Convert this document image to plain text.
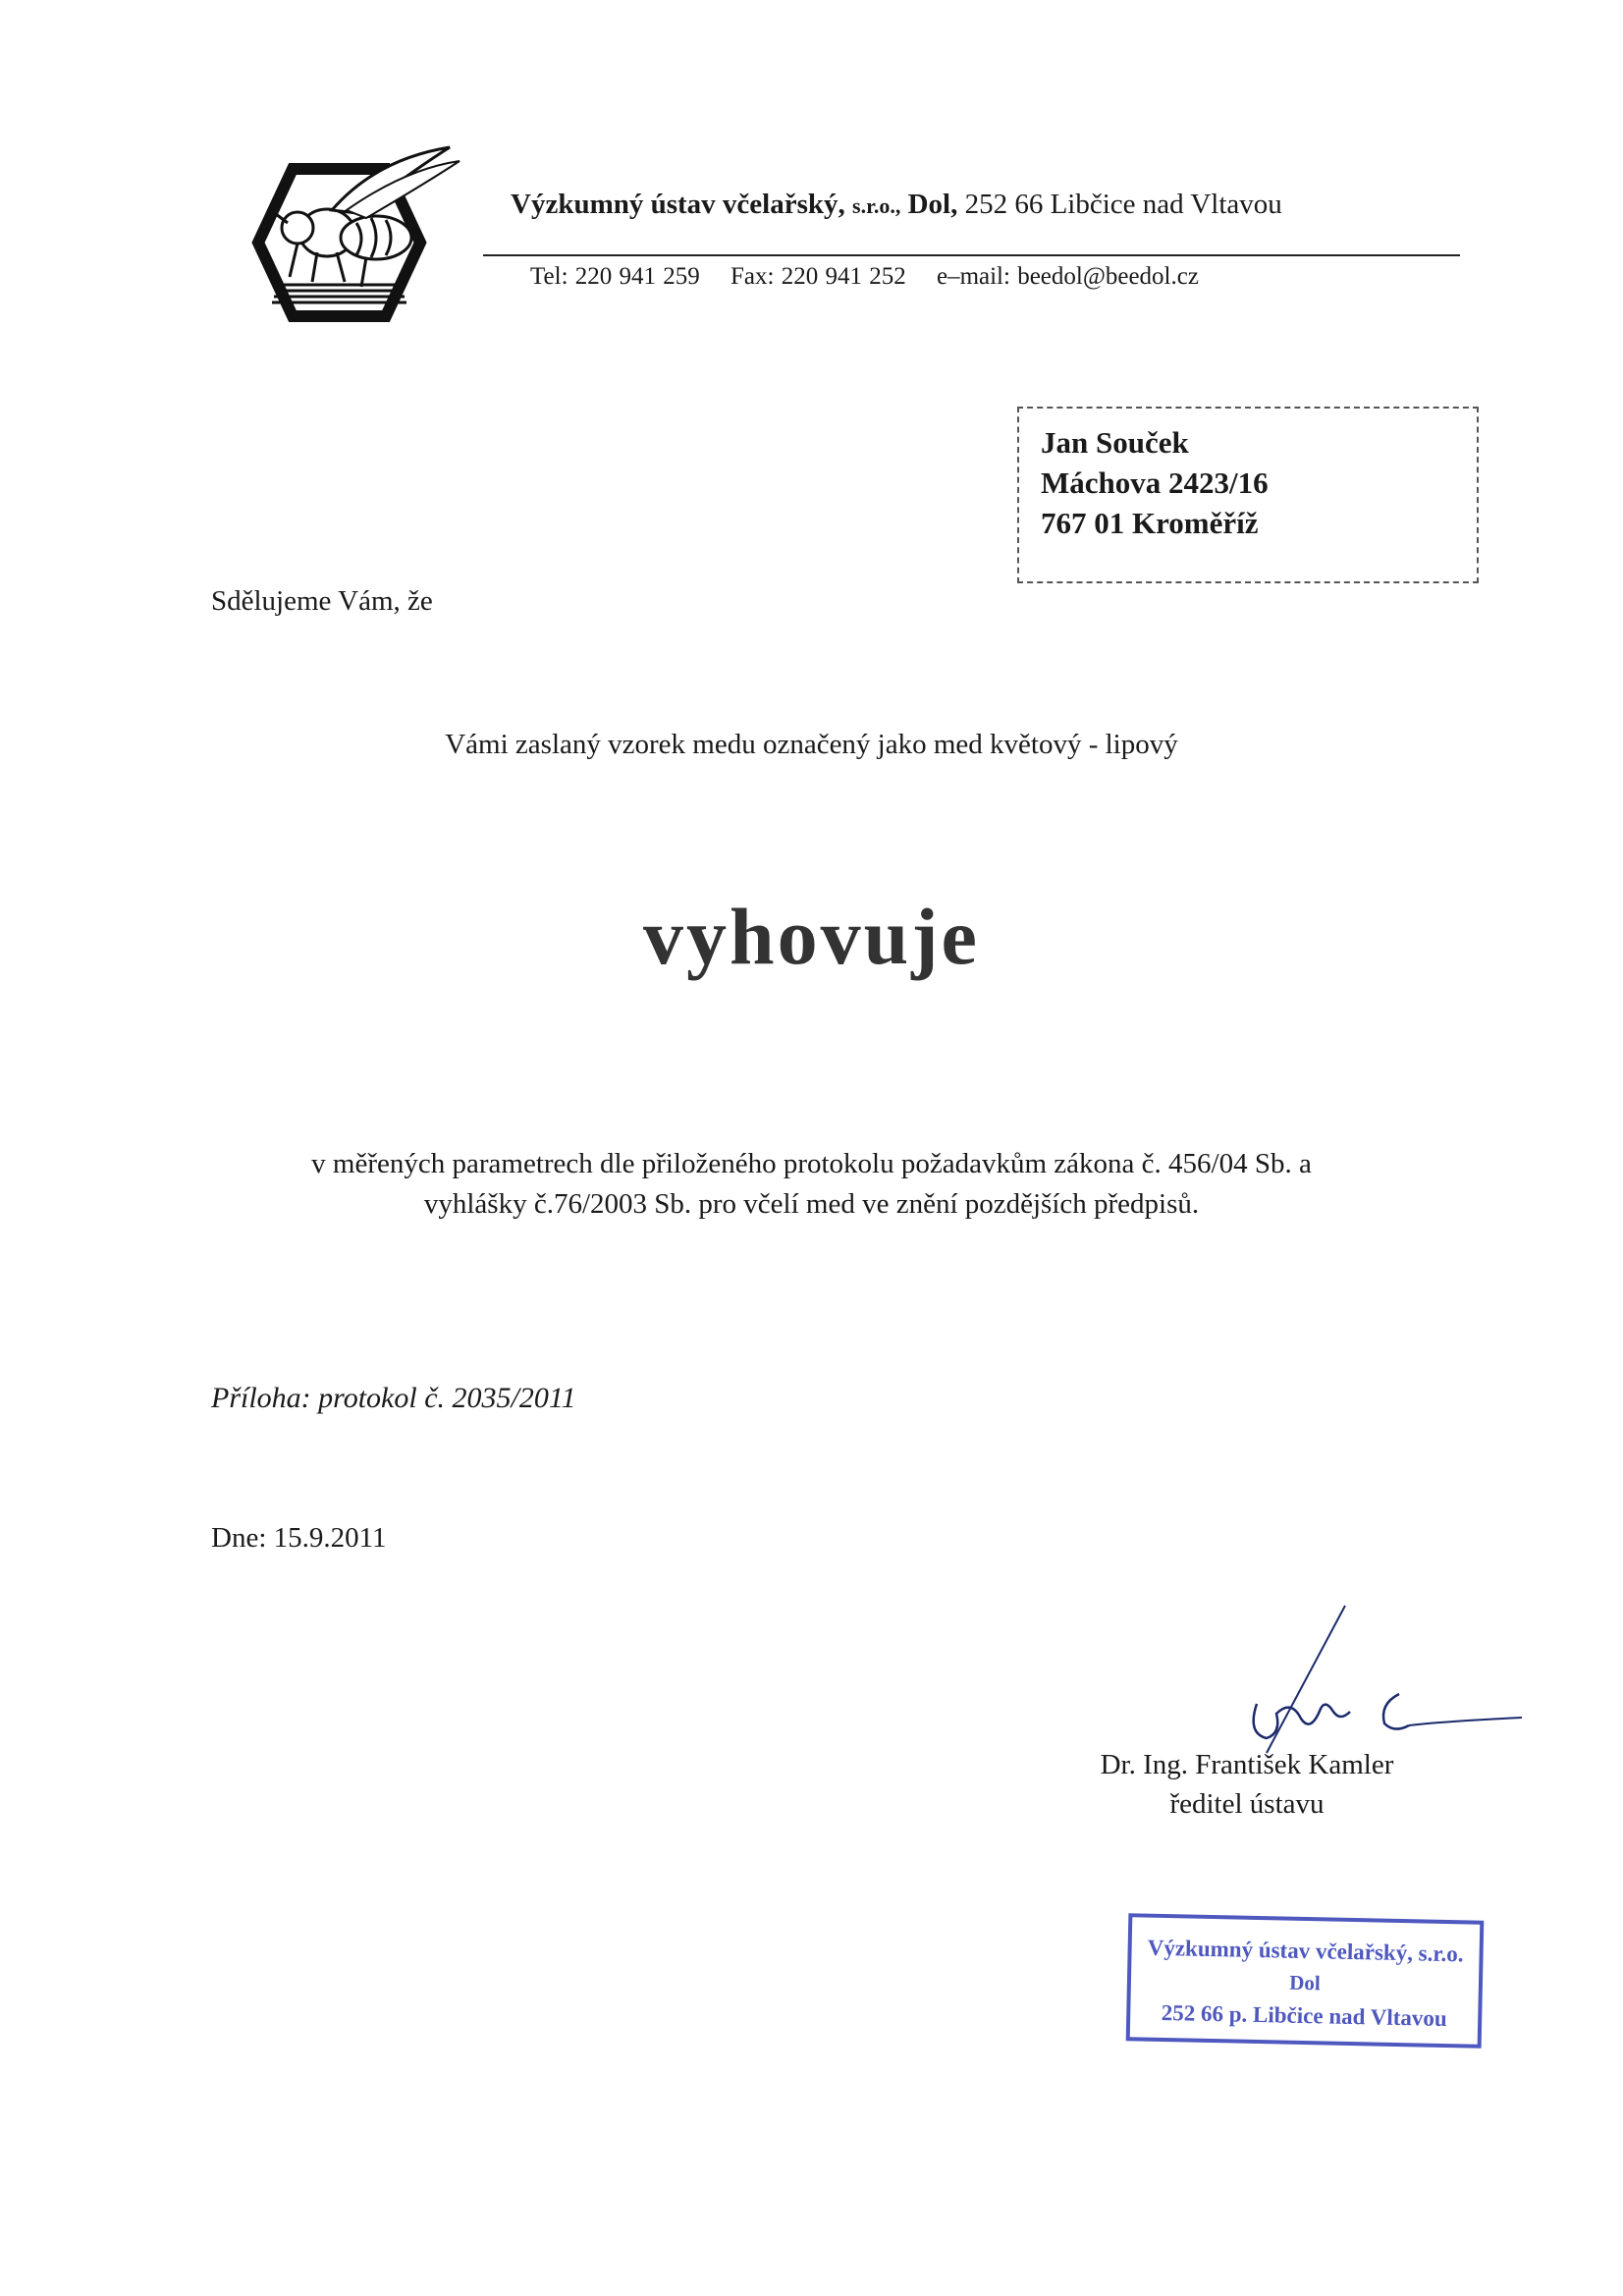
Výzkumný ústav včelařský, s.r.o., Dol, 252 66 Libčice nad Vltavou
Tel: 220 941 259 Fax: 220 941 252 e–mail: beedol@beedol.cz
Jan Souček
Máchova 2423/16
767 01 Kroměříž
Sdělujeme Vám, že
Vámi zaslaný vzorek medu označený jako med květový - lipový
vyhovuje
v měřených parametrech dle přiloženého protokolu požadavkům zákona č. 456/04 Sb. a
vyhlášky č.76/2003 Sb. pro včelí med ve znění pozdějších předpisů.
Příloha: protokol č. 2035/2011
Dne: 15.9.2011
Dr. Ing. František Kamler
ředitel ústavu
Výzkumný ústav včelařský, s.r.o.
Dol
252 66 p. Libčice nad Vltavou
